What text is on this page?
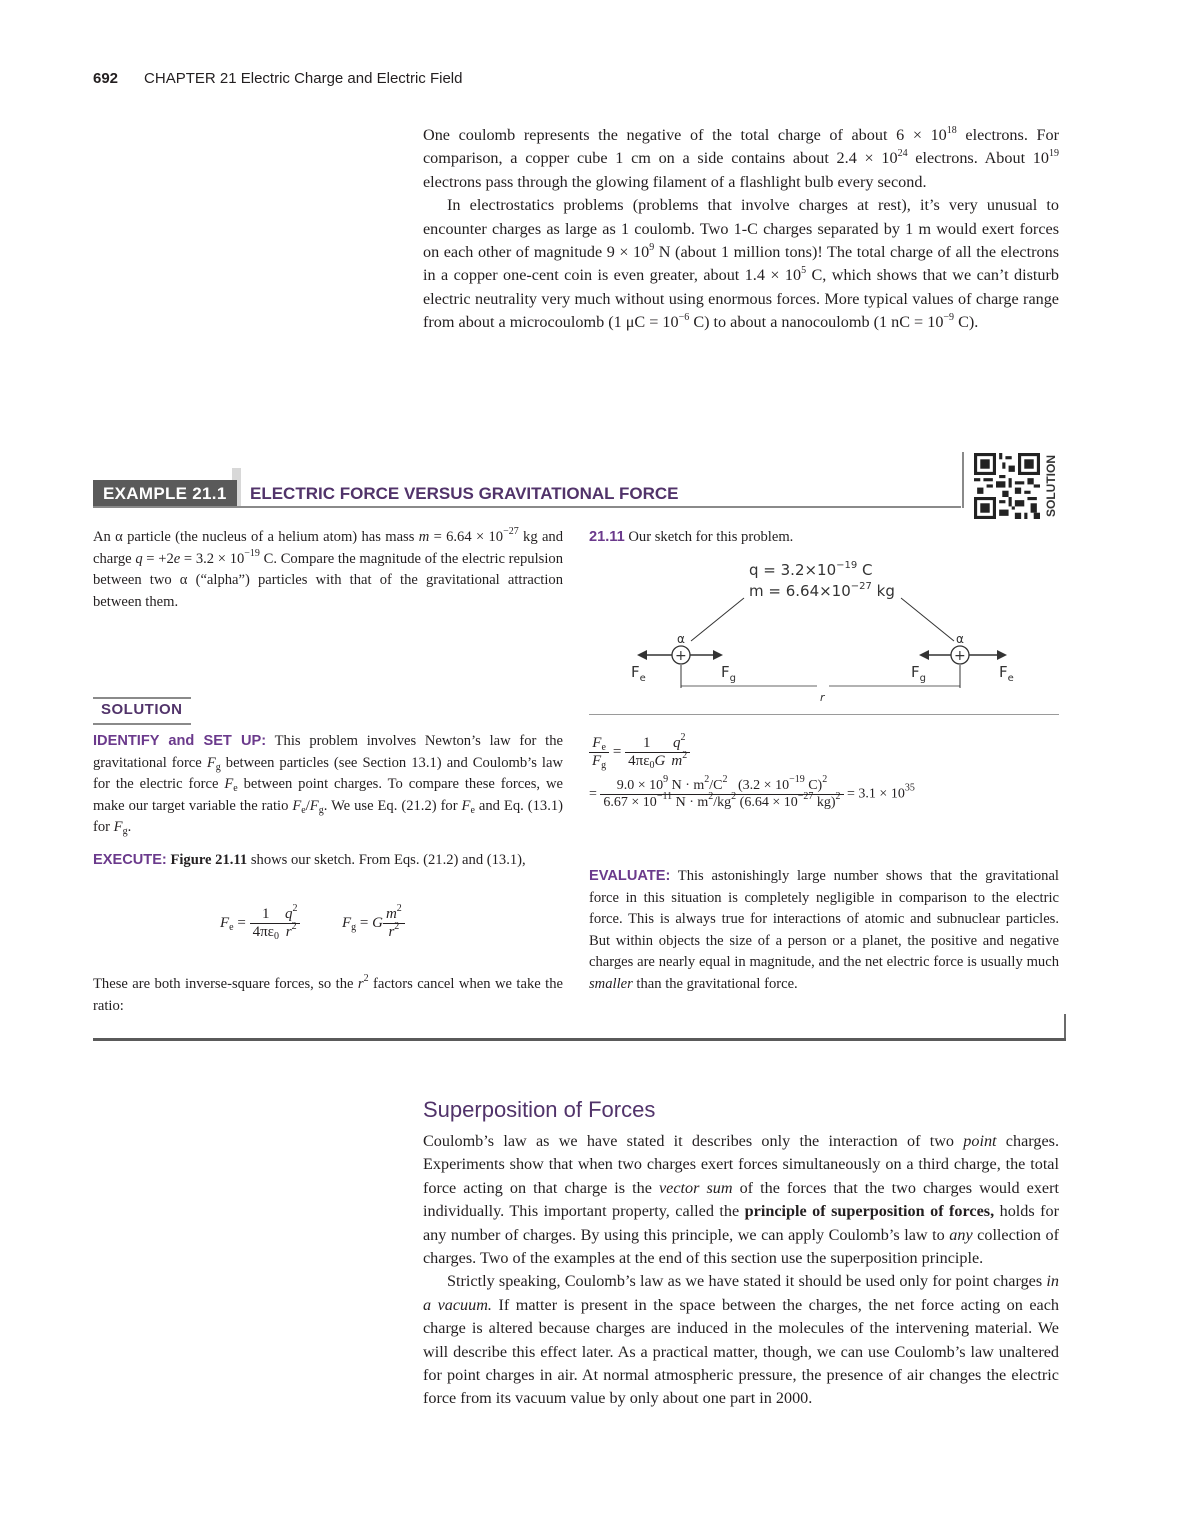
692 CHAPTER 21 Electric Charge and Electric Field

One coulomb represents the negative of the total charge of about $6 \times 10^{18}$ electrons. For comparison, a copper cube 1 cm on a side contains about $2.4 \times 10^{24}$ electrons. About $10^{19}$ electrons pass through the glowing filament of a flashlight bulb every second.

In electrostatics problems (problems that involve charges at rest), it’s very unusual to encounter charges as large as 1 coulomb. Two 1-C charges separated by 1 m would exert forces on each other of magnitude $9 \times 10^9$ N (about 1 million tons)! The total charge of all the electrons in a copper one-cent coin is even greater, about $1.4 \times 10^5$ C, which shows that we can’t disturb electric neutrality very much without using enormous forces. More typical values of charge range from about a microcoulomb (1 $\mu C = 10^{-6}$ C) to about a nanocoulomb (1 nC = $10^{-9}$ C).

EXAMPLE 21.1	ELECTRIC FORCE VERSUS GRAVITATIONAL FORCE	SOLUTION

An α particle (the nucleus of a helium atom) has mass $m = 6.64 \times 10^{-27}$ kg and charge $q = +2e = 3.2 \times 10^{-19}$ C. Compare the magnitude of the electric repulsion between two α (“alpha”) particles with that of the gravitational attraction between them.

SOLUTION

IDENTIFY and SET UP: This problem involves Newton’s law for the gravitational force $F_g$ between particles (see Section 13.1) and Coulomb’s law for the electric force $F_e$ between point charges. To compare these forces, we make our target variable the ratio $F_e/F_g$. We use Eq. (21.2) for $F_e$ and Eq. (13.1) for $F_g$.

EXECUTE: Figure 21.11 shows our sketch. From Eqs. (21.2) and (13.1),

$F_e = \frac{1}{4\pi\varepsilon_0} \frac{q^2}{r^2}$	$F_g = G \frac{m^2}{r^2}$

These are both inverse-square forces, so the $r^2$ factors cancel when we take the ratio:

21.11 Our sketch for this problem.

$q = 3.2\times 10^{-19}$ C
$m = 6.64\times 10^{-27}$ kg
α
+
$F_e$	$F_g$
α
+
$F_g$	$F_e$
r
$\frac{F_e}{F_g} = \frac{1}{4\pi\varepsilon_0G} \frac{q^2}{m^2}$
= $\frac{9.0 \times 10^9 N \cdot m^2/C^2 (3.2 \times 10^{-19} C)^2}{6.67 \times 10^{-11} N \cdot m^2/kg^2 (6.64 \times 10^{-27} kg)^2} = 3.1 \times 10^{35}$

EVALUATE: This astonishingly large number shows that the gravitational force in this situation is completely negligible in comparison to the electric force. This is always true for interactions of atomic and subnuclear particles. But within objects the size of a person or a planet, the positive and negative charges are nearly equal in magnitude, and the net electric force is usually much smaller than the gravitational force.

Superposition of Forces

Coulomb’s law as we have stated it describes only the interaction of two point charges. Experiments show that when two charges exert forces simultaneously on a third charge, the total force acting on that charge is the vector sum of the forces that the two charges would exert individually. This important property, called the principle of superposition of forces, holds for any number of charges. By using this principle, we can apply Coulomb’s law to any collection of charges. Two of the examples at the end of this section use the superposition principle.

Strictly speaking, Coulomb’s law as we have stated it should be used only for point charges in a vacuum. If matter is present in the space between the charges, the net force acting on each charge is altered because charges are induced in the molecules of the intervening material. We will describe this effect later. As a practical matter, though, we can use Coulomb’s law unaltered for point charges in air. At normal atmospheric pressure, the presence of air changes the electric force from its vacuum value by only about one part in 2000.
